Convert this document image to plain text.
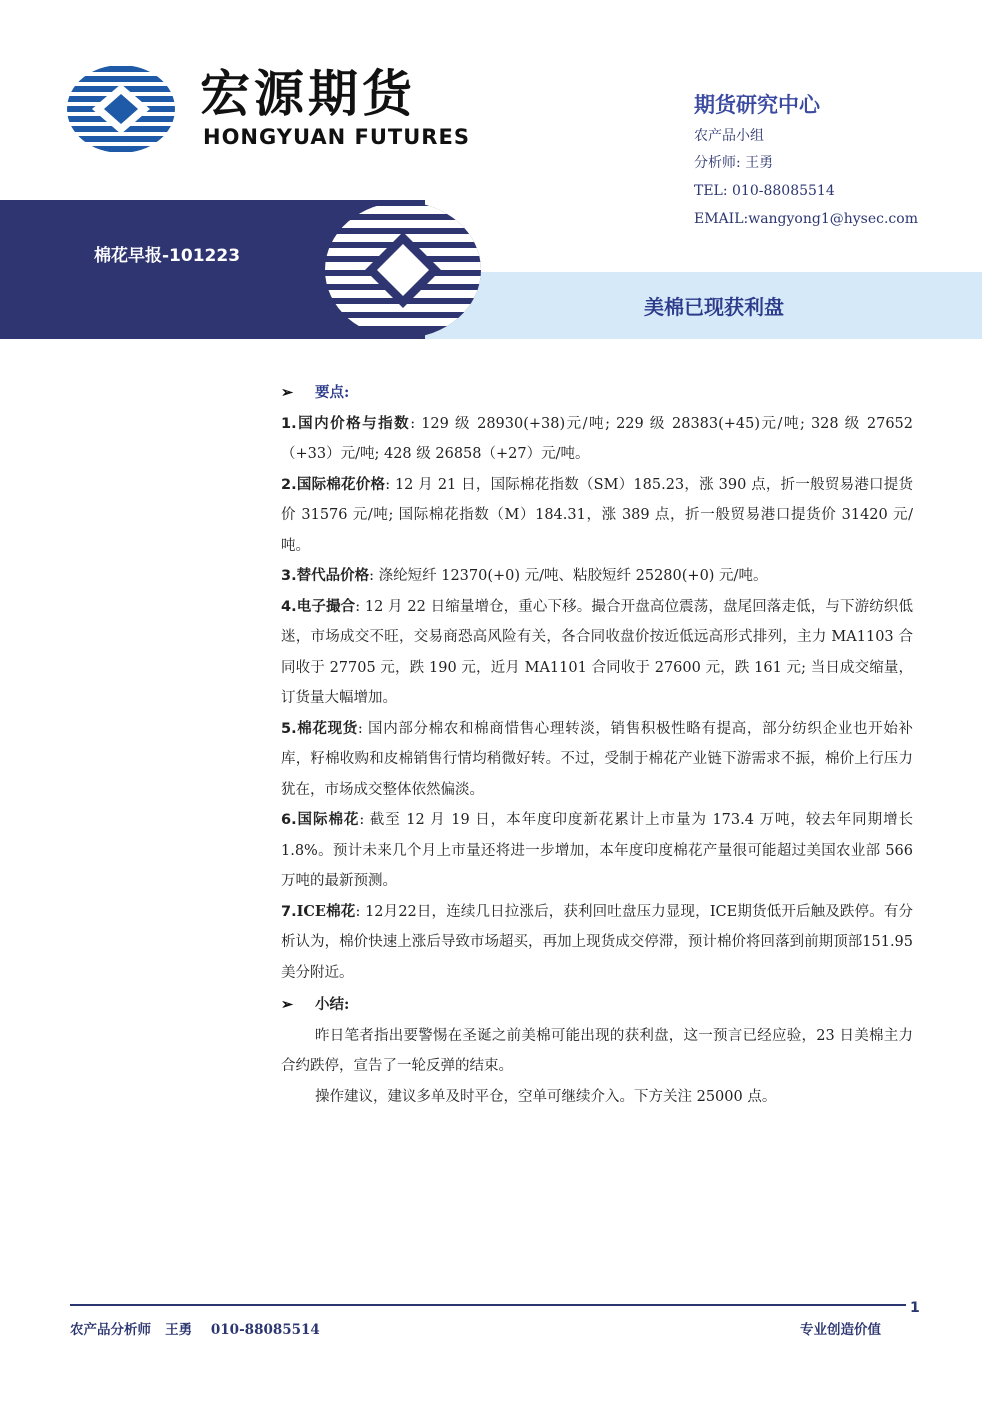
宏源期货
HONGYUAN FUTURES
期货研究中心
农产品小组
分析师: 王勇
TEL: 010-88085514
EMAIL:wangyong1@hysec.com
棉花早报-101223
美棉已现获利盘
➢ 要点:
1.国内价格与指数: 129 级 28930(+38)元/吨; 229 级 28383(+45)元/吨; 328 级 27652（+33）元/吨; 428 级 26858（+27）元/吨。
2.国际棉花价格: 12 月 21 日，国际棉花指数（SM）185.23，涨 390 点，折一般贸易港口提货价 31576 元/吨; 国际棉花指数（M）184.31，涨 389 点，折一般贸易港口提货价 31420 元/吨。
3.替代品价格: 涤纶短纤 12370(+0) 元/吨、粘胶短纤 25280(+0) 元/吨。
4.电子撮合: 12 月 22 日缩量增仓，重心下移。撮合开盘高位震荡，盘尾回落走低，与下游纺织低迷，市场成交不旺，交易商恐高风险有关，各合同收盘价按近低远高形式排列，主力 MA1103 合同收于 27705 元，跌 190 元，近月 MA1101 合同收于 27600 元，跌 161 元; 当日成交缩量，订货量大幅增加。
5.棉花现货: 国内部分棉农和棉商惜售心理转淡，销售积极性略有提高，部分纺织企业也开始补库，籽棉收购和皮棉销售行情均稍微好转。不过，受制于棉花产业链下游需求不振，棉价上行压力犹在，市场成交整体依然偏淡。
6.国际棉花: 截至 12 月 19 日，本年度印度新花累计上市量为 173.4 万吨，较去年同期增长 1.8%。预计未来几个月上市量还将进一步增加，本年度印度棉花产量很可能超过美国农业部 566 万吨的最新预测。
7.ICE棉花: 12月22日，连续几日拉涨后，获利回吐盘压力显现，ICE期货低开后触及跌停。有分析认为，棉价快速上涨后导致市场超买，再加上现货成交停滞，预计棉价将回落到前期顶部151.95美分附近。
➢ 小结:
昨日笔者指出要警惕在圣诞之前美棉可能出现的获利盘，这一预言已经应验，23 日美棉主力合约跌停，宣告了一轮反弹的结束。
操作建议，建议多单及时平仓，空单可继续介入。下方关注 25000 点。
1
农产品分析师   王勇    010-88085514	专业创造价值
